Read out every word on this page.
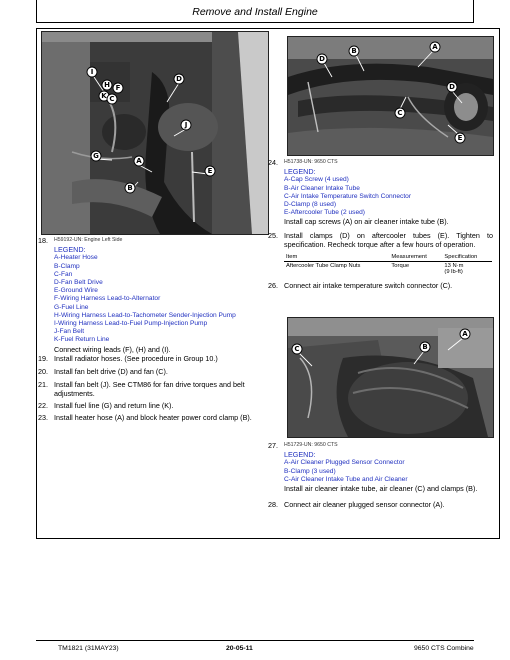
Remove and Install Engine
I
H
K
F
D
J
G
A
C
E
B
18. H59192-UN: Engine Left Side
LEGEND:
A-Heater Hose
B-Clamp
C-Fan
D-Fan Belt Drive
E-Ground Wire
F-Wiring Harness Lead-to-Alternator
G-Fuel Line
H-Wiring Harness Lead-to-Tachometer Sender-Injection Pump
I-Wiring Harness Lead-to-Fuel Pump-Injection Pump
J-Fan Belt
K-Fuel Return Line
Connect wiring leads (F), (H) and (I).
19. Install radiator hoses. (See procedure in Group 10.)
20. Install fan belt drive (D) and fan (C).
21. Install fan belt (J). See CTM86 for fan drive torques and belt adjustments.
22. Install fuel line (G) and return line (K).
23. Install heater hose (A) and block heater power cord clamp (B).
B
D
A
D
C
E
24. H51738-UN: 9650 CTS
LEGEND:
A-Cap Screw (4 used)
B-Air Cleaner Intake Tube
C-Air Intake Temperature Switch Connector
D-Clamp (8 used)
E-Aftercooler Tube (2 used)
Install cap screws (A) on air cleaner intake tube (B).
25. Install clamps (D) on aftercooler tubes (E). Tighten to specification. Recheck torque after a few hours of operation.
Item	Measurement	Specification
Aftercooler Tube Clamp Nuts	Torque	13 N·m
(9 lb-ft)
26. Connect air intake temperature switch connector (C).
C	B
A
27. H51729-UN: 9650 CTS
LEGEND:
A-Air Cleaner Plugged Sensor Connector
B-Clamp (3 used)
C-Air Cleaner Intake Tube and Air Cleaner
Install air cleaner intake tube, air cleaner (C) and clamps (B).
28. Connect air cleaner plugged sensor connector (A).
TM1821 (31MAY23)	20-05-11	9650 CTS Combine
